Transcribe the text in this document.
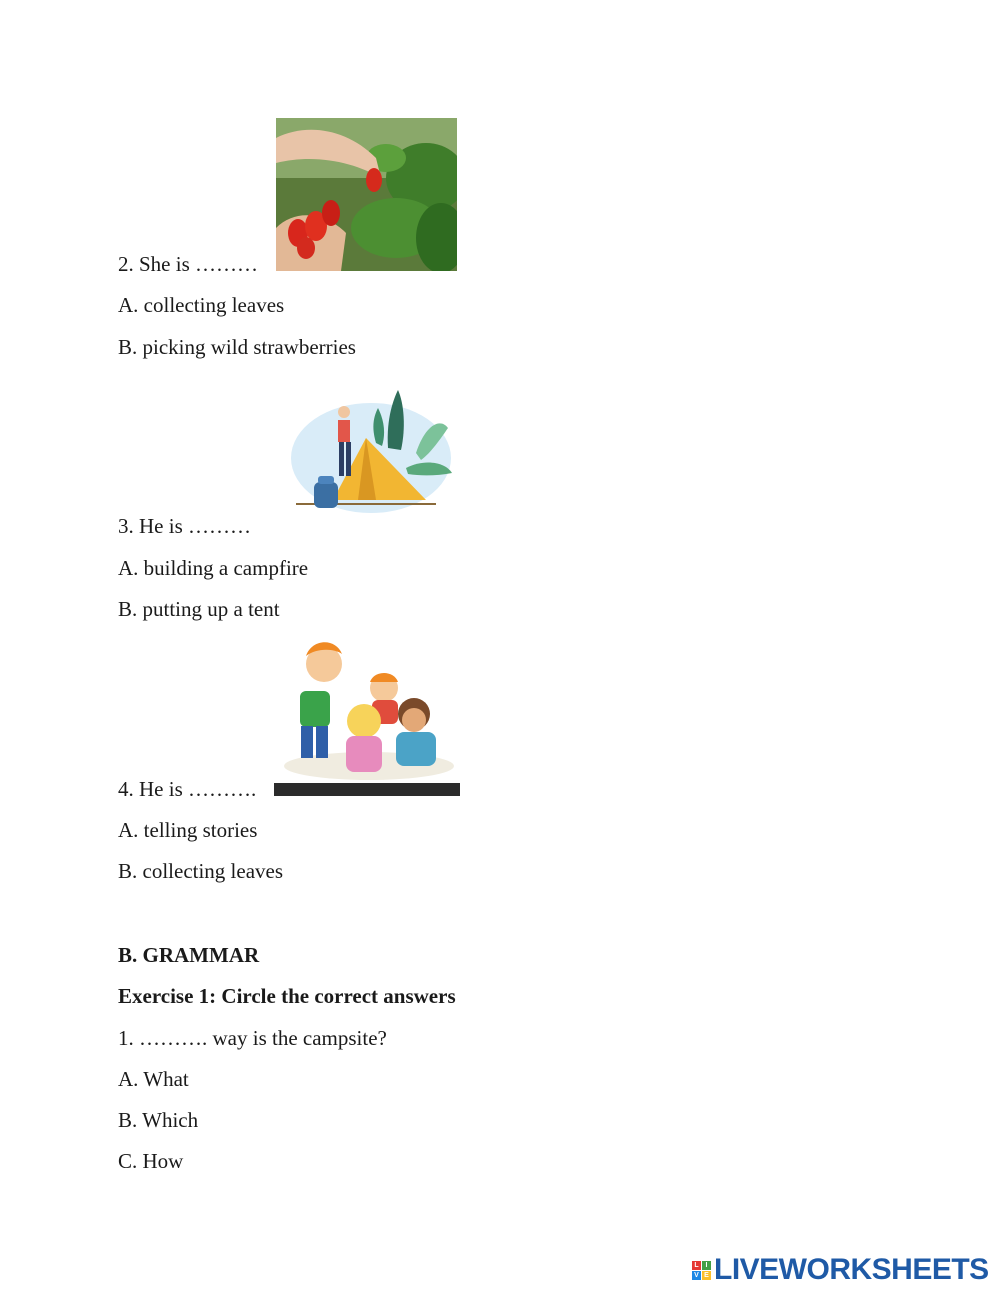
2. She is ………
A. collecting leaves
B. picking wild strawberries
3. He is ………
A. building a campfire
B. putting up a tent
4. He is ……….
A. telling stories
B. collecting leaves
B. GRAMMAR
Exercise 1: Circle the correct answers
1. ………. way is the campsite?
A. What
B. Which
C. How
L I
V E LIVEWORKSHEETS
